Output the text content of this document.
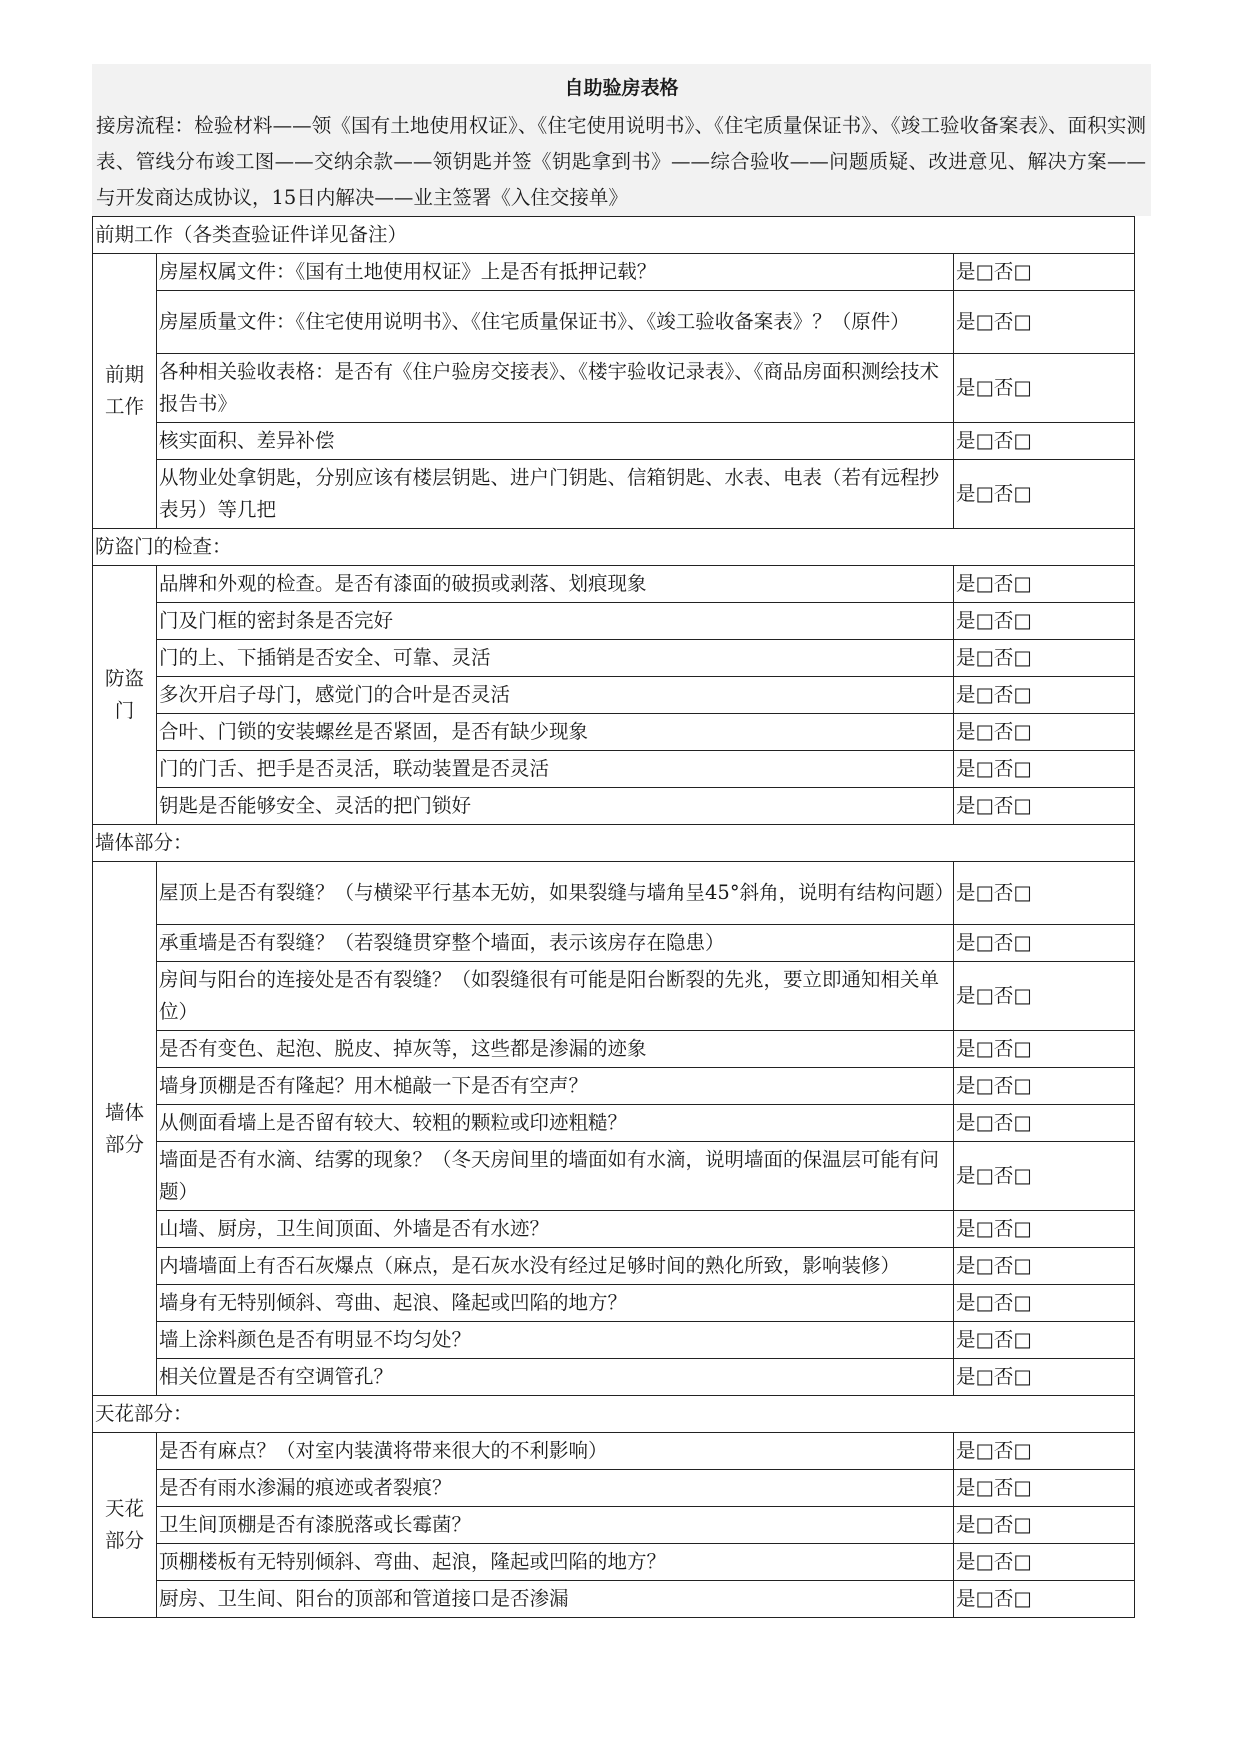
自助验房表格

接房流程：检验材料——领《国有土地使用权证》、《住宅使用说明书》、《住宅质量保证书》、《竣工验收备案表》、面积实测表、管线分布竣工图——交纳余款——领钥匙并签《钥匙拿到书》——综合验收——问题质疑、改进意见、解决方案——与开发商达成协议，15日内解决——业主签署《入住交接单》

前期工作（各类查验证件详见备注）		
前期
工作	房屋权属文件：《国有土地使用权证》上是否有抵押记载？	是□否□
	房屋质量文件：《住宅使用说明书》、《住宅质量保证书》、《竣工验收备案表》？（原件）	是□否□
	各种相关验收表格：是否有《住户验房交接表》、《楼宇验收记录表》、《商品房面积测绘技术报告书》	是□否□
	核实面积、差异补偿	是□否□
	从物业处拿钥匙，分别应该有楼层钥匙、进户门钥匙、信箱钥匙、水表、电表（若有远程抄表另）等几把	是□否□
防盗门的检查：		
防盗
门	品牌和外观的检查。是否有漆面的破损或剥落、划痕现象	是□否□
	门及门框的密封条是否完好	是□否□
	门的上、下插销是否安全、可靠、灵活	是□否□
	多次开启子母门，感觉门的合叶是否灵活	是□否□
	合叶、门锁的安装螺丝是否紧固，是否有缺少现象	是□否□
	门的门舌、把手是否灵活，联动装置是否灵活	是□否□
	钥匙是否能够安全、灵活的把门锁好	是□否□
墙体部分：		
墙体
部分	屋顶上是否有裂缝？（与横梁平行基本无妨，如果裂缝与墙角呈45°斜角，说明有结构问题）	是□否□
	承重墙是否有裂缝？（若裂缝贯穿整个墙面，表示该房存在隐患）	是□否□
	房间与阳台的连接处是否有裂缝？（如裂缝很有可能是阳台断裂的先兆，要立即通知相关单位）	是□否□
	是否有变色、起泡、脱皮、掉灰等，这些都是渗漏的迹象	是□否□
	墙身顶棚是否有隆起？用木槌敲一下是否有空声？	是□否□
	从侧面看墙上是否留有较大、较粗的颗粒或印迹粗糙？	是□否□
	墙面是否有水滴、结雾的现象？（冬天房间里的墙面如有水滴，说明墙面的保温层可能有问题）	是□否□
	山墙、厨房，卫生间顶面、外墙是否有水迹？	是□否□
	内墙墙面上有否石灰爆点（麻点，是石灰水没有经过足够时间的熟化所致，影响装修）	是□否□
	墙身有无特别倾斜、弯曲、起浪、隆起或凹陷的地方？	是□否□
	墙上涂料颜色是否有明显不均匀处？	是□否□
	相关位置是否有空调管孔？	是□否□
天花部分：		
天花
部分	是否有麻点？（对室内装潢将带来很大的不利影响）	是□否□
	是否有雨水渗漏的痕迹或者裂痕？	是□否□
	卫生间顶棚是否有漆脱落或长霉菌？	是□否□
	顶棚楼板有无特别倾斜、弯曲、起浪，隆起或凹陷的地方？	是□否□
	厨房、卫生间、阳台的顶部和管道接口是否渗漏	是□否□
